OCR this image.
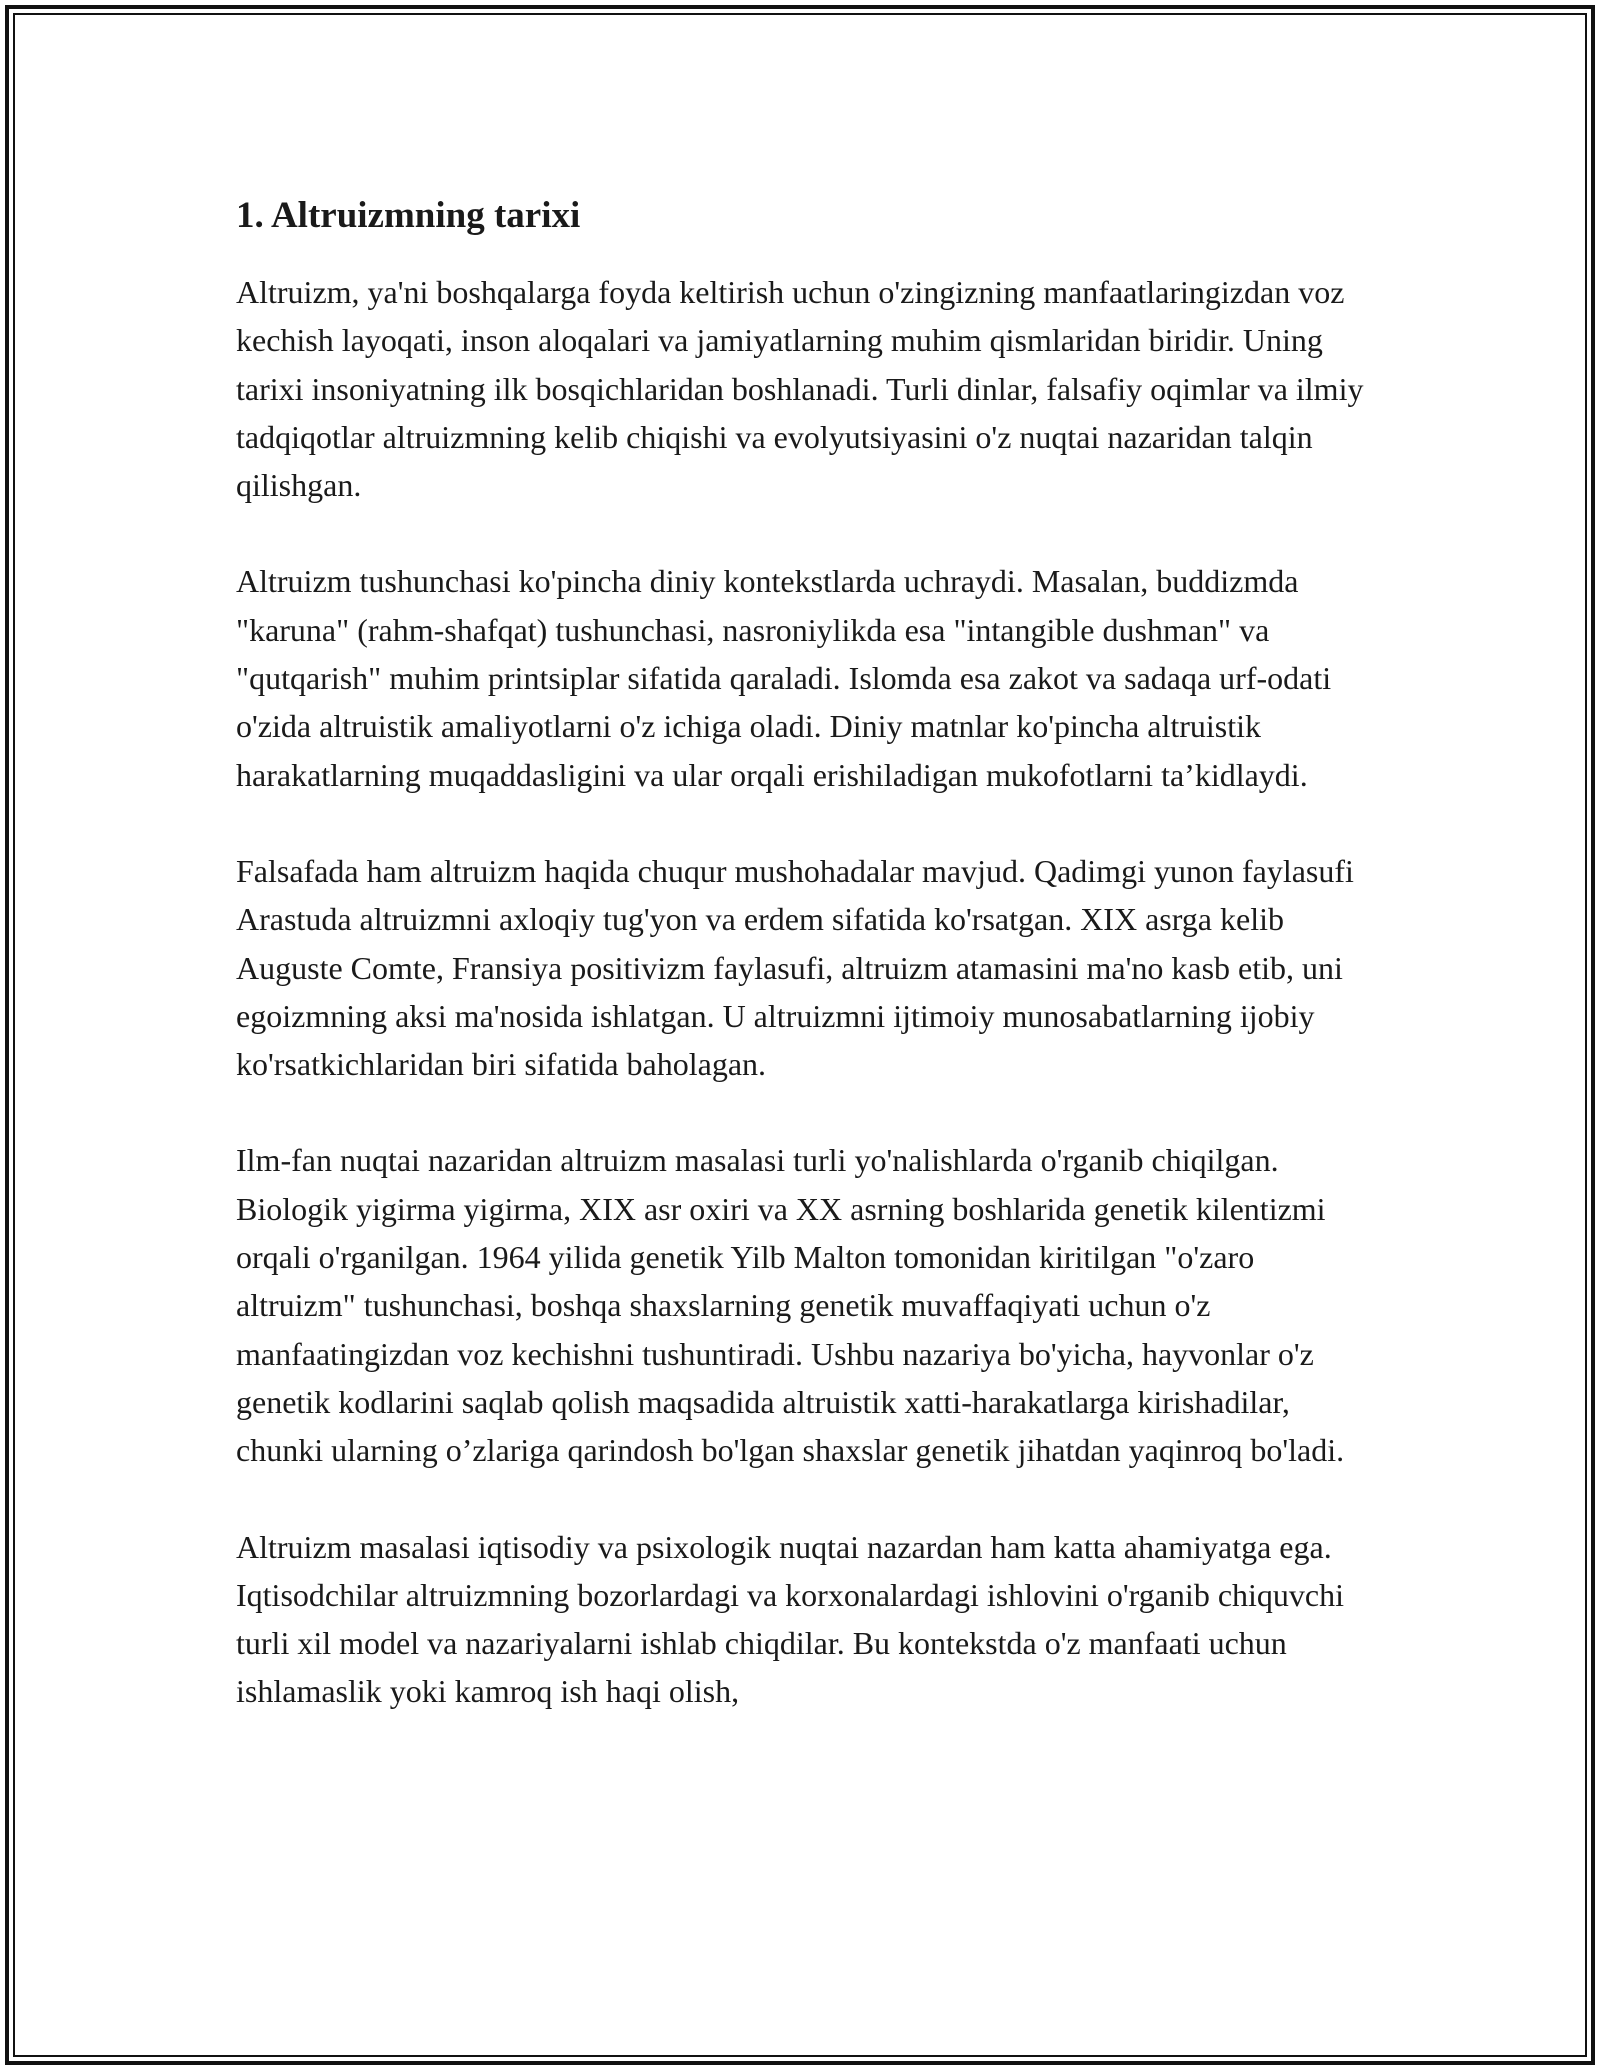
1. Altruizmning tarixi

Altruizm, ya'ni boshqalarga foyda keltirish uchun o'zingizning manfaatlaringizdan voz kechish layoqati, inson aloqalari va jamiyatlarning muhim qismlaridan biridir. Uning tarixi insoniyatning ilk bosqichlaridan boshlanadi. Turli dinlar, falsafiy oqimlar va ilmiy tadqiqotlar altruizmning kelib chiqishi va evolyutsiyasini o'z nuqtai nazaridan talqin qilishgan.

Altruizm tushunchasi ko'pincha diniy kontekstlarda uchraydi. Masalan, buddizmda "karuna" (rahm-shafqat) tushunchasi, nasroniylikda esa "intangible dushman" va "qutqarish" muhim printsiplar sifatida qaraladi. Islomda esa zakot va sadaqa urf-odati o'zida altruistik amaliyotlarni o'z ichiga oladi. Diniy matnlar ko'pincha altruistik harakatlarning muqaddasligini va ular orqali erishiladigan mukofotlarni ta’kidlaydi.

Falsafada ham altruizm haqida chuqur mushohadalar mavjud. Qadimgi yunon faylasufi Arastuda altruizmni axloqiy tug'yon va erdem sifatida ko'rsatgan. XIX asrga kelib Auguste Comte, Fransiya positivizm faylasufi, altruizm atamasini ma'no kasb etib, uni egoizmning aksi ma'nosida ishlatgan. U altruizmni ijtimoiy munosabatlarning ijobiy ko'rsatkichlaridan biri sifatida baholagan.

Ilm-fan nuqtai nazaridan altruizm masalasi turli yo'nalishlarda o'rganib chiqilgan. Biologik yigirma yigirma, XIX asr oxiri va XX asrning boshlarida genetik kilentizmi orqali o'rganilgan. 1964 yilida genetik Yilb Malton tomonidan kiritilgan "o'zaro altruizm" tushunchasi, boshqa shaxslarning genetik muvaffaqiyati uchun o'z manfaatingizdan voz kechishni tushuntiradi. Ushbu nazariya bo'yicha, hayvonlar o'z genetik kodlarini saqlab qolish maqsadida altruistik xatti-harakatlarga kirishadilar, chunki ularning o’zlariga qarindosh bo'lgan shaxslar genetik jihatdan yaqinroq bo'ladi.

Altruizm masalasi iqtisodiy va psixologik nuqtai nazardan ham katta ahamiyatga ega. Iqtisodchilar altruizmning bozorlardagi va korxonalardagi ishlovini o'rganib chiquvchi turli xil model va nazariyalarni ishlab chiqdilar. Bu kontekstda o'z manfaati uchun ishlamaslik yoki kamroq ish haqi olish,
